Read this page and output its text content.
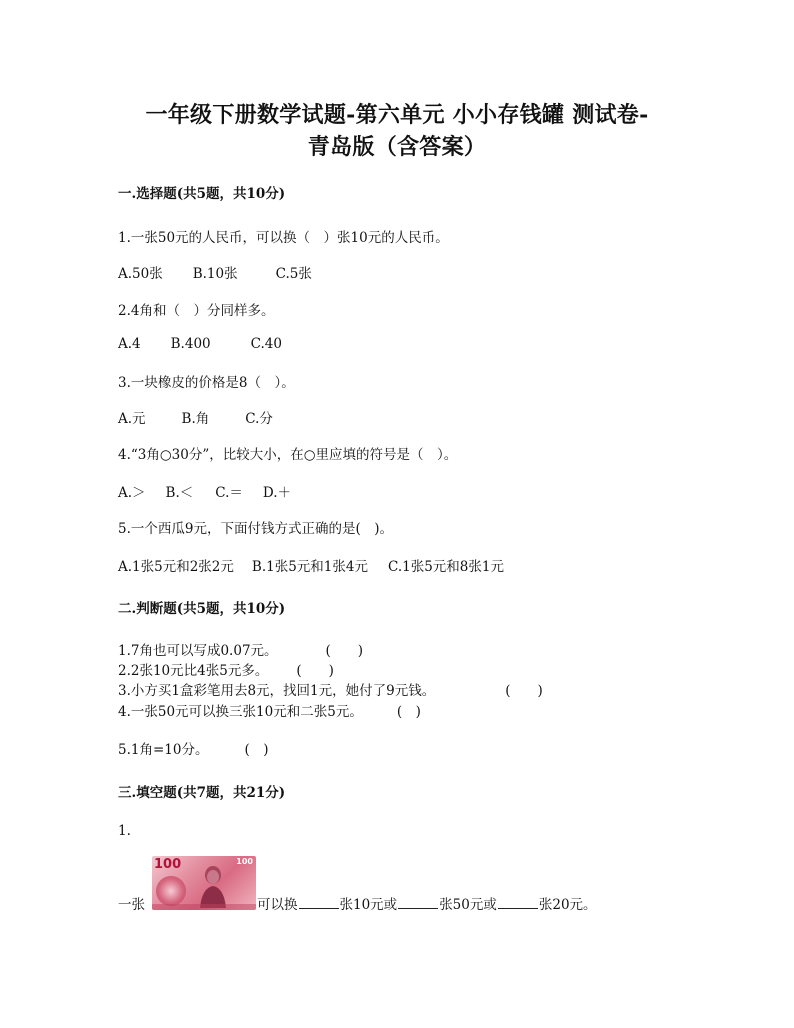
一年级下册数学试题-第六单元 小小存钱罐 测试卷-
青岛版（含答案）
一.选择题(共5题，共10分)
1.一张50元的人民币，可以换（　）张10元的人民币。
A.50张 B.10张	C.5张
2.4角和（　）分同样多。
A.4 B.400	C.40
3.一块橡皮的价格是8（　）。
A.元	B.角	C.分
4.“3角○30分”，比较大小，在○里应填的符号是（　）。
A.＞ B.＜ C.＝ D.＋
5.一个西瓜9元，下面付钱方式正确的是(　)。
A.1张5元和2张2元 B.1张5元和1张4元 C.1张5元和8张1元
二.判断题(共5题，共10分)
1.7角也可以写成0.07元。	(　　)
2.2张10元比4张5元多。 (　　)
3.小方买1盒彩笔用去8元，找回1元，她付了9元钱。	(　　)
4.一张50元可以换三张10元和二张5元。	(　)
5.1角=10分。	(　)
三.填空题(共7题，共21分)
1.
100	100
一张	可以换	张10元或	张50元或	张20元。
